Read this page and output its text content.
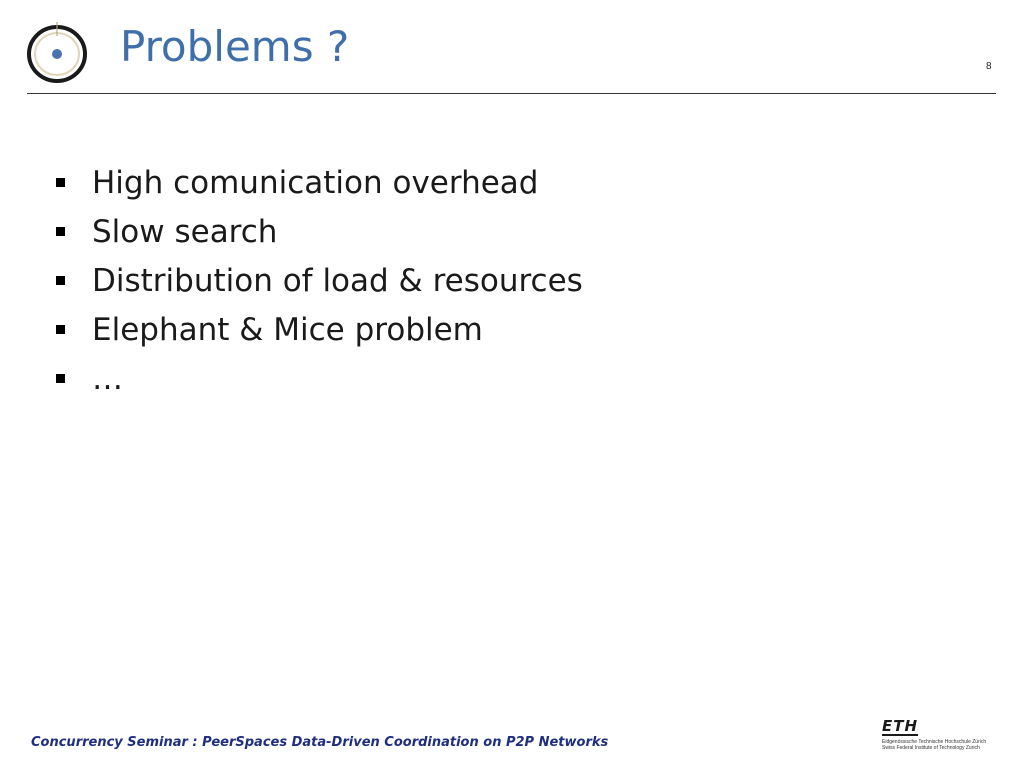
Problems ?	8
High comunication overhead
Slow search
Distribution of load & resources
Elephant & Mice problem
…
Concurrency Seminar : PeerSpaces Data-Driven Coordination on P2P Networks
ETH
Eidgenössische Technische Hochschule Zürich
Swiss Federal Institute of Technology Zurich
